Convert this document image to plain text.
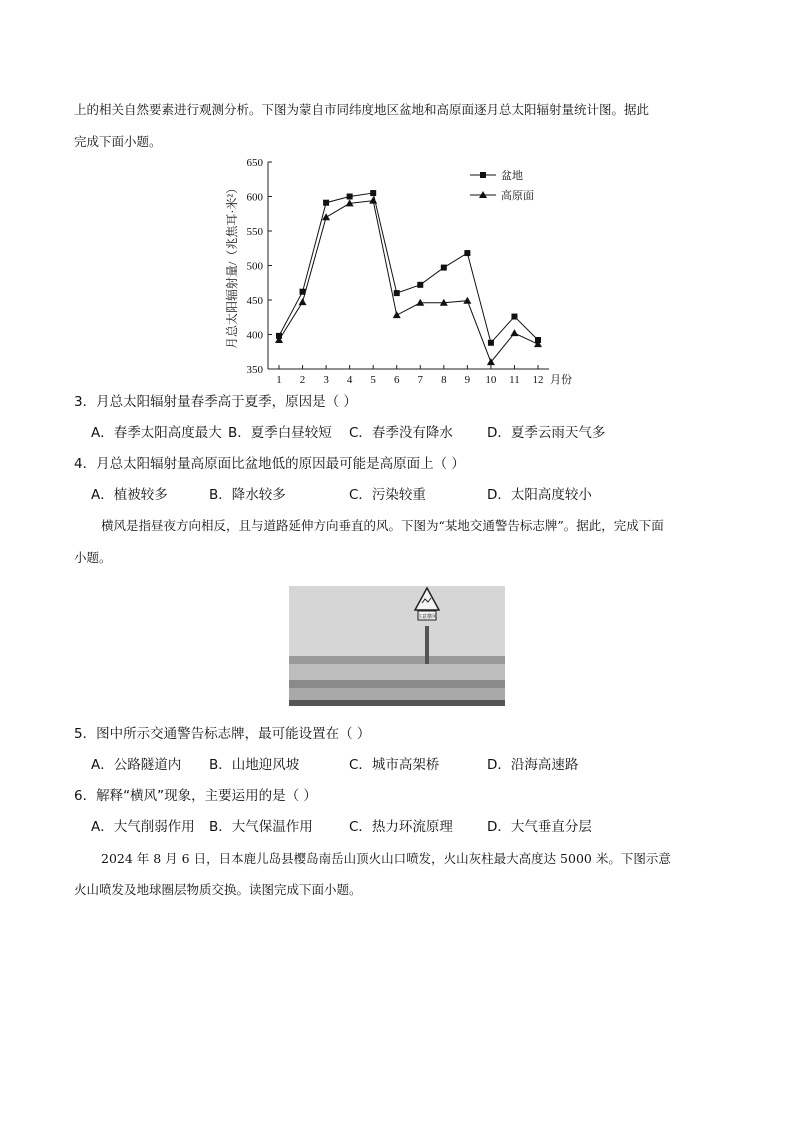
上的相关自然要素进行观测分析。下图为蒙自市同纬度地区盆地和高原面逐月总太阳辐射量统计图。据此
完成下面小题。
350
400
450
500
550
600
650
1 2 3 4 5 6 7 8 9 10 11 12 月份
月总太阳辐射量/（兆焦耳·米²）
盆地
高原面
3．月总太阳辐射量春季高于夏季，原因是（ ）
A．春季太阳高度最大 B．夏季白昼较短 C．春季没有降水	D．夏季云雨天气多
4．月总太阳辐射量高原面比盆地低的原因最可能是高原面上（ ）
A．植被较多	B．降水较多	C．污染较重	D．太阳高度较小
横风是指昼夜方向相反，且与道路延伸方向垂直的风。下图为“某地交通警告标志牌”。据此，完成下面
小题。
注意横风
5．图中所示交通警告标志牌，最可能设置在（ ）
A．公路隧道内 B．山地迎风坡	C．城市高架桥	D．沿海高速路
6．解释“横风”现象，主要运用的是（ ）
A．大气削弱作用 B．大气保温作用	C．热力环流原理	D．大气垂直分层
2024 年 8 月 6 日，日本鹿儿岛县樱岛南岳山顶火山口喷发，火山灰柱最大高度达 5000 米。下图示意
火山喷发及地球圈层物质交换。读图完成下面小题。
